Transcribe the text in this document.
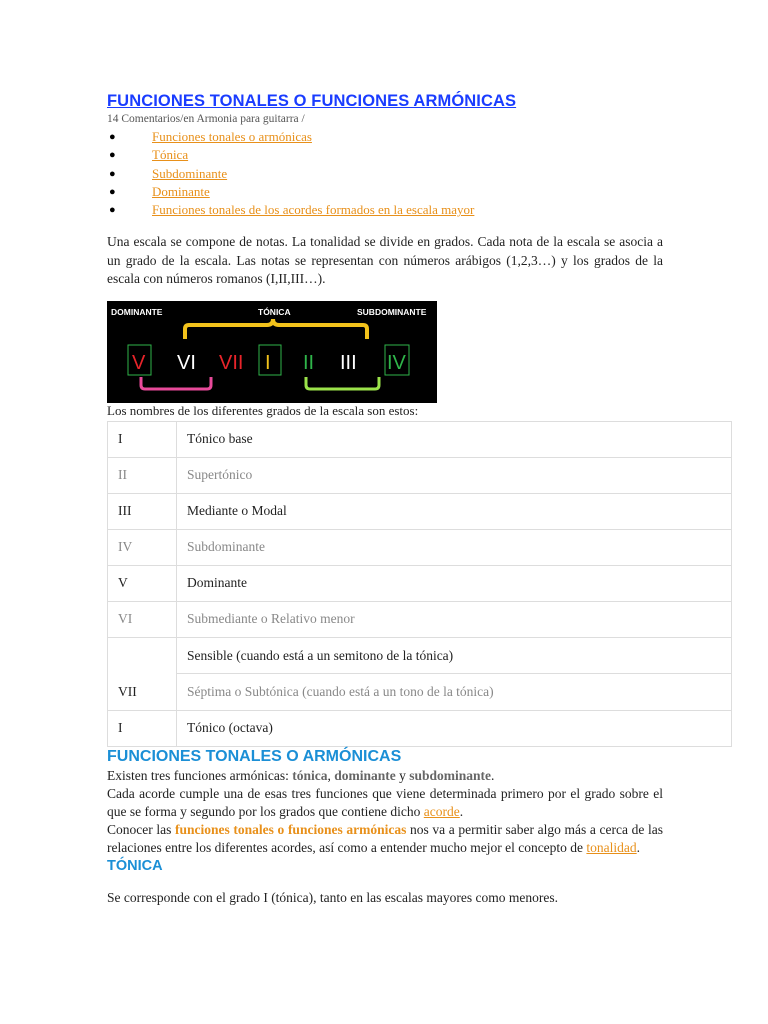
FUNCIONES TONALES O FUNCIONES ARMÓNICAS
14 Comentarios/en Armonia para guitarra /
●	Funciones tonales o armónicas
●	Tónica
●	Subdominante
●	Dominante
●	Funciones tonales de los acordes formados en la escala mayor
Una escala se compone de notas. La tonalidad se divide en grados. Cada nota de la escala se asocia a un grado de la escala. Las notas se representan con números arábigos (1,2,3…) y los grados de la escala con números romanos (I,II,III…).
DOMINANTE	TÓNICA	SUBDOMINANTE
V VI VII I II III IV
Los nombres de los diferentes grados de la escala son estos:
I	Tónico base
II	Supertónico
III	Mediante o Modal
IV	Subdominante
V	Dominante
VI	Submediante o Relativo menor
VII	Sensible (cuando está a un semitono de la tónica)
Séptima o Subtónica (cuando está a un tono de la tónica)

I	Tónico (octava)
FUNCIONES TONALES O ARMÓNICAS
Existen tres funciones armónicas: tónica, dominante y subdominante.
Cada acorde cumple una de esas tres funciones que viene determinada primero por el grado sobre el que se forma y segundo por los grados que contiene dicho acorde.
Conocer las funciones tonales o funciones armónicas nos va a permitir saber algo más a cerca de las relaciones entre los diferentes acordes, así como a entender mucho mejor el concepto de tonalidad.
TÓNICA
Se corresponde con el grado I (tónica), tanto en las escalas mayores como menores.
